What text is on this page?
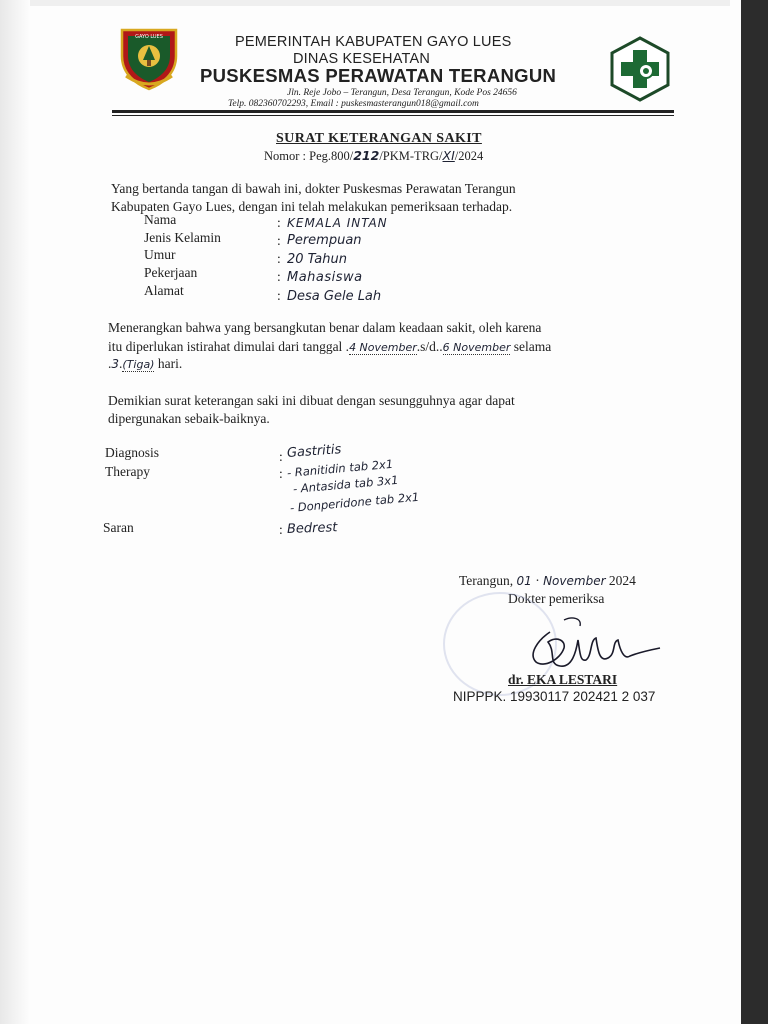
GAYO LUES	PEMERINTAH KABUPATEN GAYO LUES
DINAS KESEHATAN
PUSKESMAS PERAWATAN TERANGUN
Jln. Reje Jobo – Terangun, Desa Terangun, Kode Pos 24656
Telp. 082360702293, Email : puskesmasterangun018@gmail.com
SURAT KETERANGAN SAKIT
Nomor : Peg.800/212/PKM-TRG/XI/2024
Yang bertanda tangan di bawah ini, dokter Puskesmas Perawatan Terangun
Kabupaten Gayo Lues, dengan ini telah melakukan pemeriksaan terhadap.
Nama	: KEMALA INTAN
Jenis Kelamin	: Perempuan
Umur	: 20 Tahun
Pekerjaan	: Mahasiswa
Alamat	: Desa Gele Lah
Menerangkan bahwa yang bersangkutan benar dalam keadaan sakit, oleh karena
itu diperlukan istirahat dimulai dari tanggal .4 November.s/d..6 November selama
.3.(Tiga) hari.
Demikian surat keterangan saki ini dibuat dengan sesungguhnya agar dapat
dipergunakan sebaik-baiknya.
Diagnosis	: Gastritis
Therapy	: - Ranitidin tab 2x1
- Antasida tab 3x1
- Donperidone tab 2x1
Saran	: Bedrest
Terangun, 01 · November 2024
Dokter pemeriksa
dr. EKA LESTARI
NIPPPK. 19930117 202421 2 037
